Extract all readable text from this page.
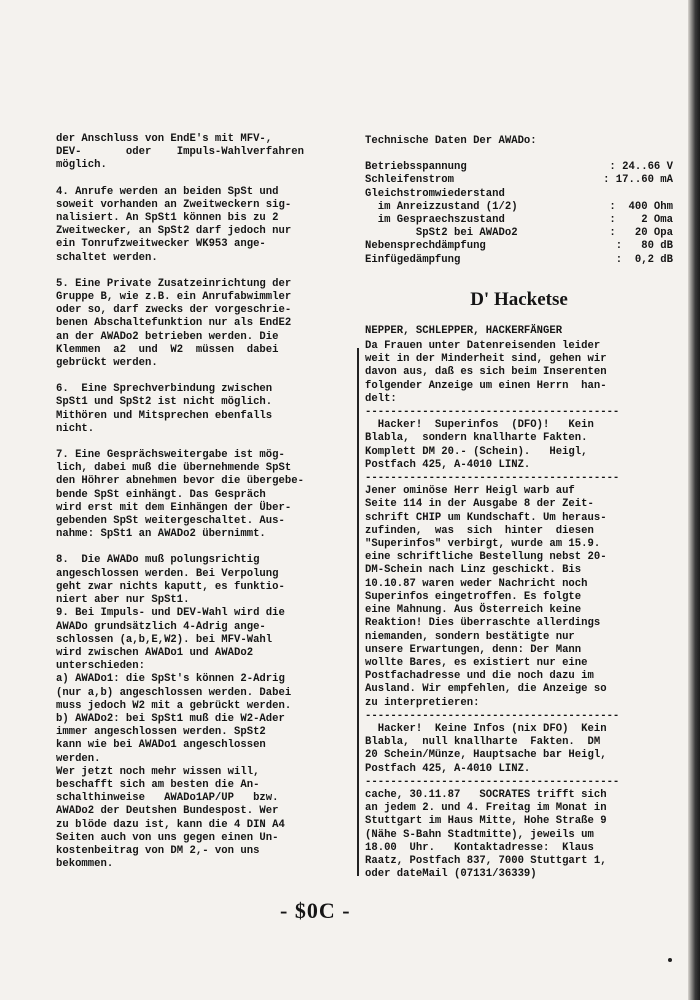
der Anschluss von EndE's mit MFV-,
DEV-       oder    Impuls-Wahlverfahren
möglich.

4. Anrufe werden an beiden SpSt und
soweit vorhanden an Zweitweckern sig-
nalisiert. An SpSt1 können bis zu 2
Zweitwecker, an SpSt2 darf jedoch nur
ein Tonrufzweitwecker WK953 ange-
schaltet werden.

5. Eine Private Zusatzeinrichtung der
Gruppe B, wie z.B. ein Anrufabwimmler
oder so, darf zwecks der vorgeschrie-
benen Abschaltefunktion nur als EndE2
an der AWADo2 betrieben werden. Die
Klemmen  a2  und  W2  müssen  dabei
gebrückt werden.

6.  Eine Sprechverbindung zwischen
SpSt1 und SpSt2 ist nicht möglich.
Mithören und Mitsprechen ebenfalls
nicht.

7. Eine Gesprächsweitergabe ist mög-
lich, dabei muß die übernehmende SpSt
den Höhrer abnehmen bevor die übergebe-
bende SpSt einhängt. Das Gespräch
wird erst mit dem Einhängen der Über-
gebenden SpSt weitergeschaltet. Aus-
nahme: SpSt1 an AWADo2 übernimmt.

8.  Die AWADo muß polungsrichtig
angeschlossen werden. Bei Verpolung
geht zwar nichts kaputt, es funktio-
niert aber nur SpSt1.

9. Bei Impuls- und DEV-Wahl wird die
AWADo grundsätzlich 4-Adrig ange-
schlossen (a,b,E,W2). bei MFV-Wahl
wird zwischen AWADo1 und AWADo2
unterschieden:
a) AWADo1: die SpSt's können 2-Adrig
(nur a,b) angeschlossen werden. Dabei
muss jedoch W2 mit a gebrückt werden.
b) AWADo2: bei SpSt1 muß die W2-Ader
immer angeschlossen werden. SpSt2
kann wie bei AWADo1 angeschlossen
werden.
Wer jetzt noch mehr wissen will,
beschafft sich am besten die An-
schalthinweise   AWADo1AP/UP   bzw.
AWADo2 der Deutshen Bundespost. Wer
zu blöde dazu ist, kann die 4 DIN A4
Seiten auch von uns gegen einen Un-
kostenbeitrag von DM 2,- von uns
bekommen.

Technische Daten Der AWADo:
Betriebsspannung	: 24..66 V
Schleifenstrom	: 17..60 mA
Gleichstromwiederstand
im Anreizzustand (1/2)	:  400 Ohm
im Gespraechszustand	:    2 Oma
SpSt2 bei AWADo2	:   20 Opa
Nebensprechdämpfung	:   80 dB
Einfügedämpfung	:  0,2 dB
D' Hacketse
NEPPER, SCHLEPPER, HACKERFÄNGER

Da Frauen unter Datenreisenden leider
weit in der Minderheit sind, gehen wir
davon aus, daß es sich beim Inserenten
folgender Anzeige um einen Herrn  han-
delt:

----------------------------------------

Hacker!  Superinfos  (DFO)!   Kein
Blabla,  sondern knallharte Fakten.
Komplett DM 20.- (Schein).   Heigl,
Postfach 425, A-4010 LINZ.

----------------------------------------

Jener ominöse Herr Heigl warb auf
Seite 114 in der Ausgabe 8 der Zeit-
schrift CHIP um Kundschaft. Um heraus-
zufinden,  was  sich  hinter  diesen
"Superinfos" verbirgt, wurde am 15.9.
eine schriftliche Bestellung nebst 20-
DM-Schein nach Linz geschickt. Bis
10.10.87 waren weder Nachricht noch
Superinfos eingetroffen. Es folgte
eine Mahnung. Aus Österreich keine
Reaktion! Dies überraschte allerdings
niemanden, sondern bestätigte nur
unsere Erwartungen, denn: Der Mann
wollte Bares, es existiert nur eine
Postfachadresse und die noch dazu im
Ausland. Wir empfehlen, die Anzeige so
zu interpretieren:

----------------------------------------

Hacker!  Keine Infos (nix DFO)  Kein
Blabla,  null knallharte  Fakten.  DM
20 Schein/Münze, Hauptsache bar Heigl,
Postfach 425, A-4010 LINZ.

----------------------------------------

cache, 30.11.87   SOCRATES trifft sich
an jedem 2. und 4. Freitag im Monat in
Stuttgart im Haus Mitte, Hohe Straße 9
(Nähe S-Bahn Stadtmitte), jeweils um
18.00  Uhr.   Kontaktadresse:  Klaus
Raatz, Postfach 837, 7000 Stuttgart 1,
oder dateMail (07131/36339)

- $0C -
